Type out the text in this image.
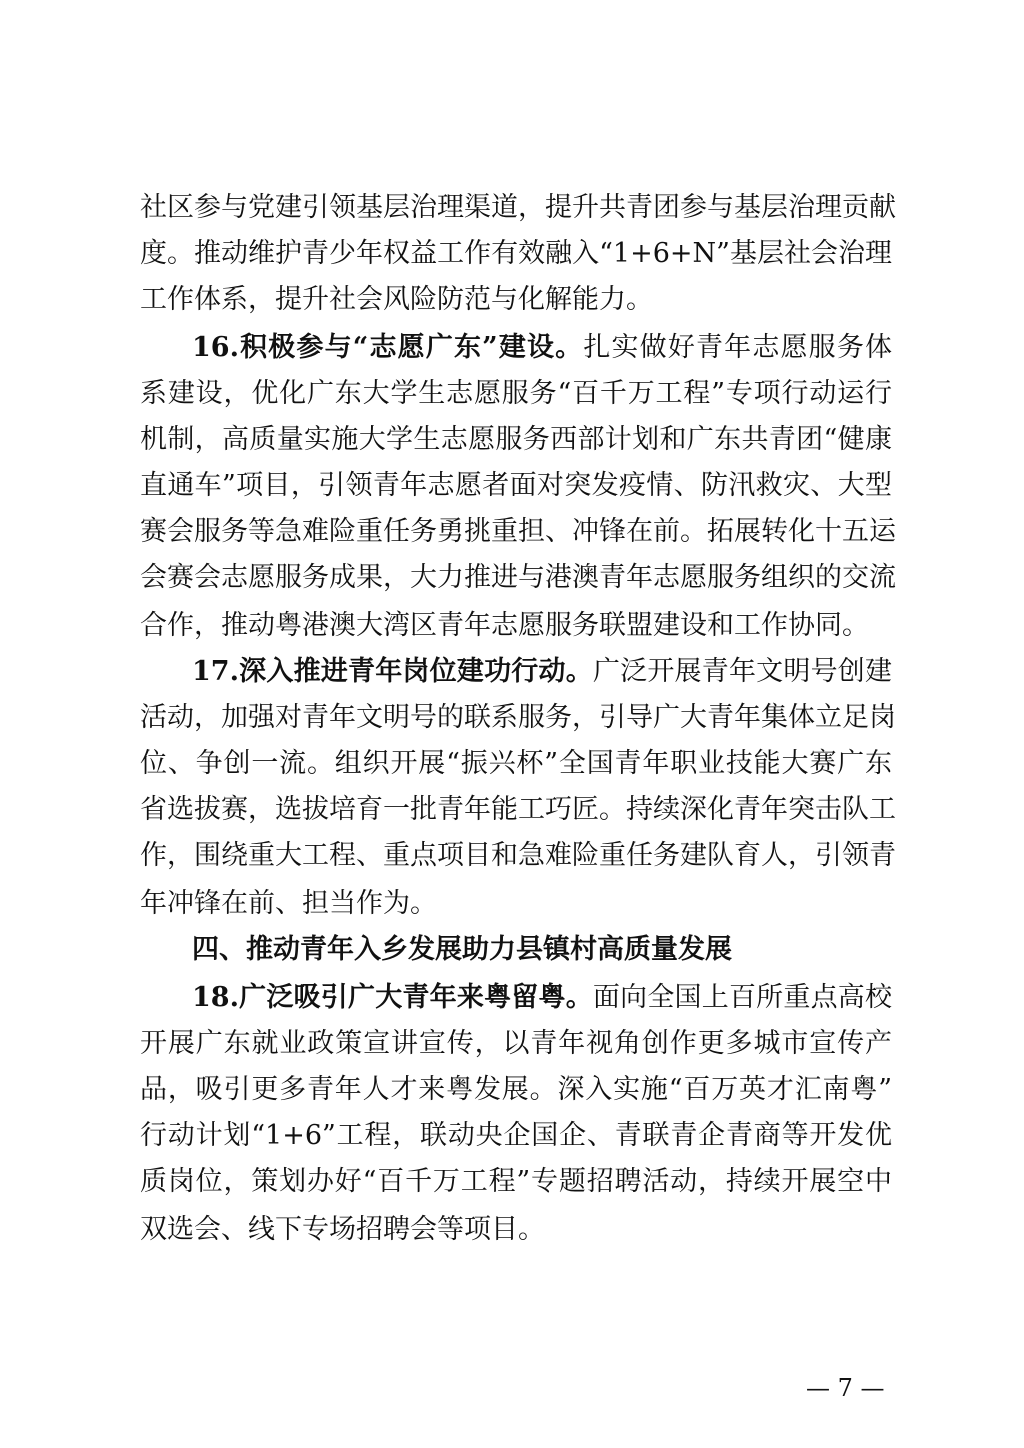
社区参与党建引领基层治理渠道，提升共青团参与基层治理贡献
度。推动维护青少年权益工作有效融入“1+6+N”基层社会治理
工作体系，提升社会风险防范与化解能力。
16.积极参与“志愿广东”建设。扎实做好青年志愿服务体
系建设，优化广东大学生志愿服务“百千万工程”专项行动运行
机制，高质量实施大学生志愿服务西部计划和广东共青团“健康
直通车”项目，引领青年志愿者面对突发疫情、防汛救灾、大型
赛会服务等急难险重任务勇挑重担、冲锋在前。拓展转化十五运
会赛会志愿服务成果，大力推进与港澳青年志愿服务组织的交流
合作，推动粤港澳大湾区青年志愿服务联盟建设和工作协同。
17.深入推进青年岗位建功行动。广泛开展青年文明号创建
活动，加强对青年文明号的联系服务，引导广大青年集体立足岗
位、争创一流。组织开展“振兴杯”全国青年职业技能大赛广东
省选拔赛，选拔培育一批青年能工巧匠。持续深化青年突击队工
作，围绕重大工程、重点项目和急难险重任务建队育人，引领青
年冲锋在前、担当作为。
四、推动青年入乡发展助力县镇村高质量发展
18.广泛吸引广大青年来粤留粤。面向全国上百所重点高校
开展广东就业政策宣讲宣传，以青年视角创作更多城市宣传产
品，吸引更多青年人才来粤发展。深入实施“百万英才汇南粤”
行动计划“1+6”工程，联动央企国企、青联青企青商等开发优
质岗位，策划办好“百千万工程”专题招聘活动，持续开展空中
双选会、线下专场招聘会等项目。
— 7 —
